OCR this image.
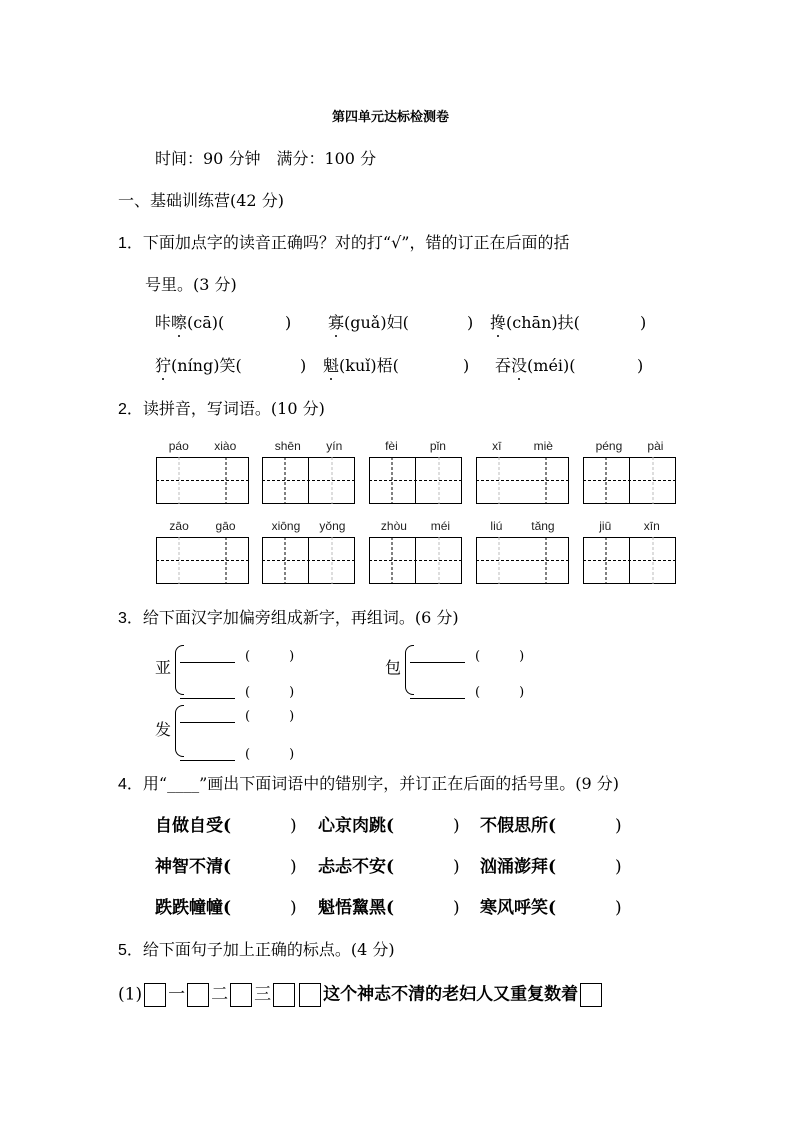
第四单元达标检测卷
时间：90 分钟　满分：100 分
一、基础训练营(42 分)
1．下面加点字的读音正确吗？对的打“√”，错的订正在后面的括
号里。(3 分)
2．读拼音，写词语。(10 分)
3．给下面汉字加偏旁组成新字，再组词。(6 分)
4．用“____”画出下面词语中的错别字，并订正在后面的括号里。(9 分)
5．给下面句子加上正确的标点。(4 分)
(1) 一 二 三	这个神志不清的老妇人又重复数着
咔嚓(cā)(	) 寡(guǎ)妇(	) 搀(chān)扶(	)
狞(níng)笑(	) 魁(kuǐ)梧(	) 吞没(méi)(	)
páo xiào	shēn yín	fèi	pǐn	xī	miè	péng pài
zāo gāo	xiōng yǒng	zhòu méi	liú tǎng	jiū	xīn
亚
(　　　)
(　　　)
包
(　　　)
(　　　)
发
(　　　)
(　　　)
自做自受(	) 心京肉跳(	) 不假思所(	)
神智不清(	) 忐忐不安(	) 汹涌澎拜(	)
跌跌幢幢(	) 魁悟黧黑(	) 寒风呼笑(	)
